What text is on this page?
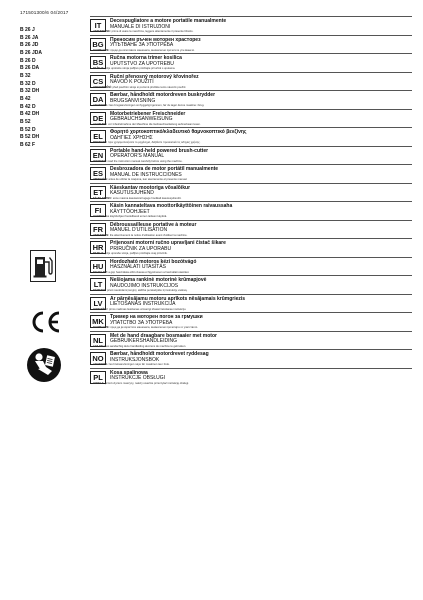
171501300/6 04/2017
B 26 J
B 26 JA
B 26 JD
B 26 JDA
B 26 D
B 26 DA
B 32
B 32 D
B 32 DH
B 42
B 42 D
B 42 DH
B 52
B 52 D
B 52 DH
B 62 F
IT	Decespugliatore a motore portatile manualmente
MANUALE DI ISTRUZIONI
ATTENZIONE: prima di usare la macchina, leggere attentamente il presente libretto.
BG	Преносим ръчен моторен храсторез
УПЪТВАНЕ ЗА УПОТРЕБА
ВНИМАНИЕ: преди да използвате машината, внимателно прочетете упътването.
BS	Ručna motorna trimer kosilica
UPUTSTVO ZA UPOTREBU
PAŽNJA: prije upotrebe stroja pažljivo pročitajte priručnik s uputama.
CS	Ruční přenosný motorový křovinořez
NÁVOD K POUŽITÍ
UPOZORNĚNÍ: před použitím stroje si pozorně přečtěte tento návod k použití.
DA	Bærbar, håndholdt motordreven buskrydder
BRUGSANVISNING
ADVARSEL: læs brugsanvisningen omhyggeligt igennem, før du tager denne maskine i brug.
DE	Motorbetriebener Freischneider
GEBRAUCHSANWEISUNG
ACHTUNG: vor Inbetriebnahme der Maschine die Gebrauchsanleitung aufmerksam lesen.
EL	Φορητό χορτοκοπτικό/κλαδευτικό θαμνοκοπτικό βενζίνης
ΟΔΗΓΙΕΣ ΧΡΗΣΗΣ
ΠΡΟΣΟΧΗ: πριν χρησιμοποιήσετε το μηχάνημα, διαβάστε προσεκτικά τις οδηγίες χρήσης.
EN	Portable hand-held powered brush-cutter
OPERATOR'S MANUAL
WARNING: read the instruction manual carefully before using the machine.
ES	Desbrozadora de motor portátil manualmente
MANUAL DE INSTRUCCIONES
ATENCIÓN: antes de utilizar la máquina, leer atentamente el presente manual.
ET	Käeskantav mootoriga võsalõikur
KASUTUSJUHEND
TÄHELEPANU: enne masina kasutamist lugege hoolikalt kasutusjuhendit.
FI	Käsin kannateltava moottorikäyttöinen raivaussaha
KÄYTTÖOHJEET
HUOMIO: lue käyttöohjeet huolellisesti ennen laitteen käyttöä.
FR	Débroussailleuse portative à moteur
MANUEL D'UTILISATION
ATTENTION: lire attentivement la notice d'utilisation avant d'utiliser la machine.
HR	Prijenosni motorni ručno upravljani čistač šikare
PRIRUČNIK ZA UPORABU
PAZNJA: prije uporabe stroja, pažljivo pročitajte ovaj priručnik.
HU	Hordozható motoros kézi bozótvágó
HASZNÁLATI UTASÍTÁS
FIGYELEM: a gép használata előtt olvassa el figyelmesen a használati utasítást.
LT	Nešiojama rankinė motorinė krūmapjovė
NAUDOJIMO INSTRUKCIJOS
DĖMESIO: prieš naudodami įrenginį, atidžiai perskaitykite šį instrukcijų vadovą.
LV	Ar pārnēsājamu motoru aprīkots nēsājamais krūmgriezis
LIETOŠANAS INSTRUKCIJA
UZMANĪBU: pirms mašīnas lietošanas uzmanīgi izlasiet lietošanas instrukciju.
MK	Тример на моторен погон за грмушки
УПАТСТВО ЗА УПОТРЕБА
ВНИМАНИЕ: пред да ја користите машината, внимателно прочитајте го упатството.
NL	Met de hand draagbare bosmaaier met motor
GEBRUIKERSHANDLEIDING
LET OP: lees aandachtig deze handleiding alvorens de machine te gebruiken.
NO	Bærbar, håndholdt motordrevet ryddesag
INSTRUKSJONSBOK
ADVARSEL: les bruksanvisningen nøye før maskinen tas i bruk.
PL	Kosa spalinowa
INSTRUKCJE OBSŁUGI
UWAGA: przed użyciem maszyny, należy uważnie przeczytać instrukcję obsługi.
